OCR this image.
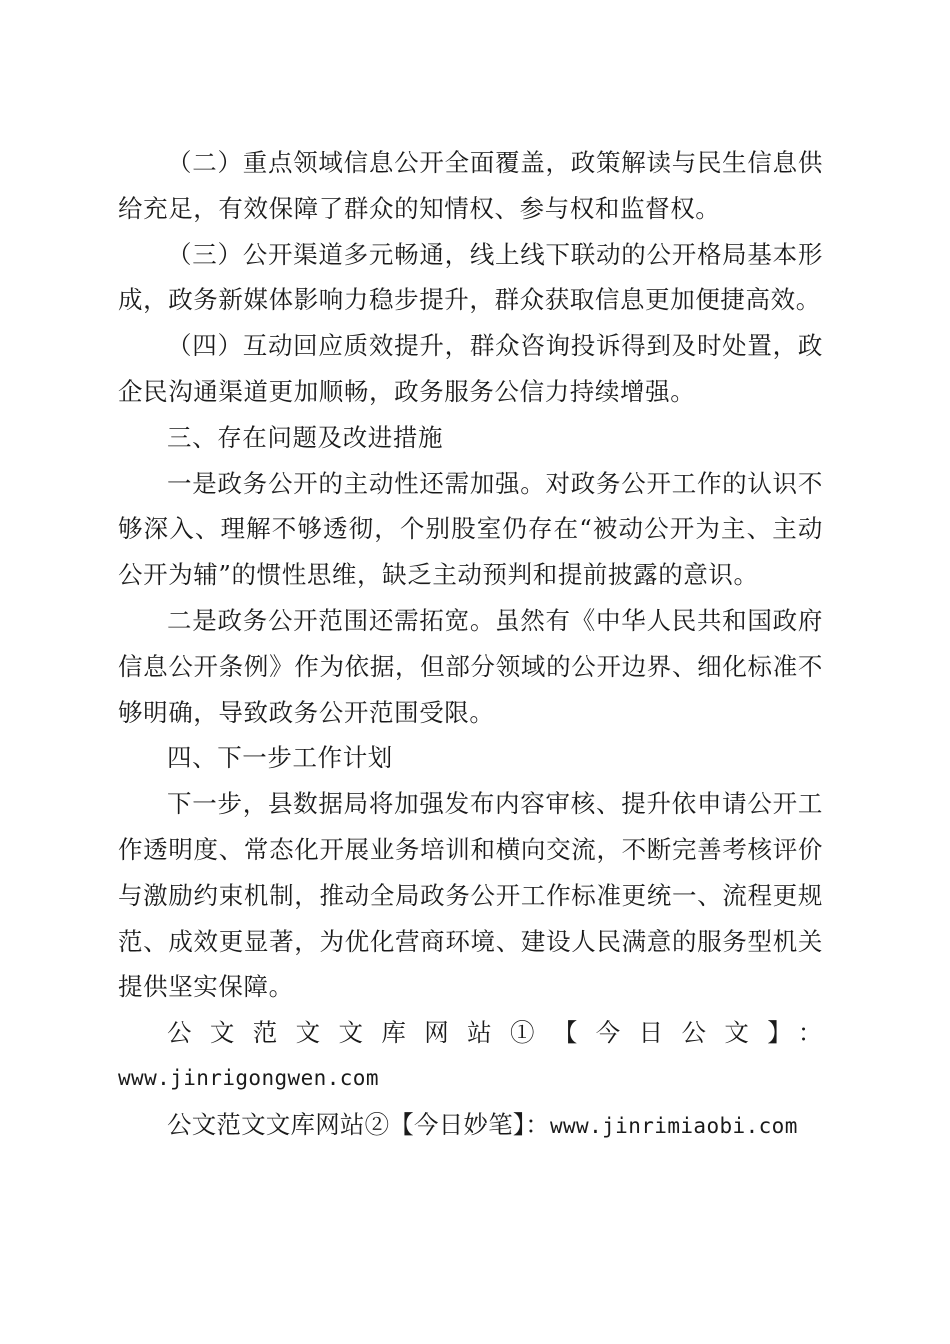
（二）重点领域信息公开全面覆盖，政策解读与民生信息供给充足，有效保障了群众的知情权、参与权和监督权。

（三）公开渠道多元畅通，线上线下联动的公开格局基本形成，政务新媒体影响力稳步提升，群众获取信息更加便捷高效。

（四）互动回应质效提升，群众咨询投诉得到及时处置，政企民沟通渠道更加顺畅，政务服务公信力持续增强。

三、存在问题及改进措施

一是政务公开的主动性还需加强。对政务公开工作的认识不够深入、理解不够透彻，个别股室仍存在“被动公开为主、主动公开为辅”的惯性思维，缺乏主动预判和提前披露的意识。

二是政务公开范围还需拓宽。虽然有《中华人民共和国政府信息公开条例》作为依据，但部分领域的公开边界、细化标准不够明确，导致政务公开范围受限。

四、下一步工作计划

下一步，县数据局将加强发布内容审核、提升依申请公开工作透明度、常态化开展业务培训和横向交流，不断完善考核评价与激励约束机制，推动全局政务公开工作标准更统一、流程更规范、成效更显著，为优化营商环境、建设人民满意的服务型机关提供坚实保障。

公文范文文库网站①【今日公文】：

www.jinrigongwen.com

公文范文文库网站②【今日妙笔】：www.jinrimiaobi.com
